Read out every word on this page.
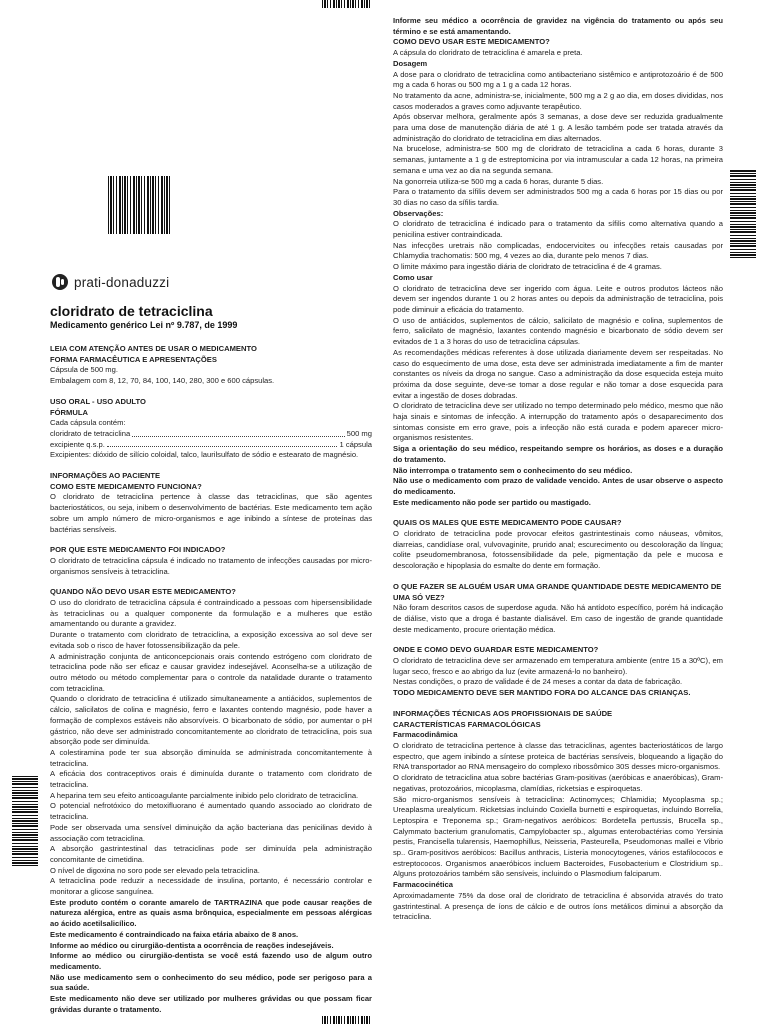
prati-donaduzzi
cloridrato de tetraciclina
Medicamento genérico Lei nº 9.787, de 1999

LEIA COM ATENÇÃO ANTES DE USAR O MEDICAMENTO

FORMA FARMACÊUTICA E APRESENTAÇÕES

Cápsula de 500 mg.

Embalagem com 8, 12, 70, 84, 100, 140, 280, 300 e 600 cápsulas.

USO ORAL - USO ADULTO

FÓRMULA

Cada cápsula contém:

cloridrato de tetraciclina	500 mg
excipiente q.s.p.	1 cápsula

Excipientes: dióxido de silício coloidal, talco, laurilsulfato de sódio e estearato de magnésio.

INFORMAÇÕES AO PACIENTE

COMO ESTE MEDICAMENTO FUNCIONA?

O cloridrato de tetraciclina pertence à classe das tetraciclinas, que são agentes bacteriostáticos, ou seja, inibem o desenvolvimento de bactérias. Este medicamento tem ação sobre um amplo número de micro-organismos e age inibindo a síntese de proteínas das bactérias sensíveis.

POR QUE ESTE MEDICAMENTO FOI INDICADO?

O cloridrato de tetraciclina cápsula é indicado no tratamento de infecções causadas por micro-organismos sensíveis à tetraciclina.

QUANDO NÃO DEVO USAR ESTE MEDICAMENTO?

O uso do cloridrato de tetraciclina cápsula é contraindicado a pessoas com hipersensibilidade às tetraciclinas ou a qualquer componente da formulação e a mulheres que estão amamentando ou durante a gravidez.

Durante o tratamento com cloridrato de tetraciclina, a exposição excessiva ao sol deve ser evitada sob o risco de haver fotossensibilização da pele.

A administração conjunta de anticoncepcionais orais contendo estrógeno com cloridrato de tetraciclina pode não ser eficaz e causar gravidez indesejável. Aconselha-se a utilização de outro método ou método complementar para o controle da natalidade durante o tratamento com tetraciclina.

Quando o cloridrato de tetraciclina é utilizado simultaneamente a antiácidos, suplementos de cálcio, salicilatos de colina e magnésio, ferro e laxantes contendo magnésio, pode haver a formação de complexos estáveis não absorvíveis. O bicarbonato de sódio, por aumentar o pH gástrico, não deve ser administrado concomitantemente ao cloridrato de tetraciclina, pois sua absorção pode ser diminuída.

A colestiramina pode ter sua absorção diminuída se administrada concomitantemente à tetraciclina.

A eficácia dos contraceptivos orais é diminuída durante o tratamento com cloridrato de tetraciclina.

A heparina tem seu efeito anticoagulante parcialmente inibido pelo cloridrato de tetraciclina.

O potencial nefrotóxico do metoxifluorano é aumentado quando associado ao cloridrato de tetraciclina.

Pode ser observada uma sensível diminuição da ação bacteriana das penicilinas devido à associação com tetraciclina.

A absorção gastrintestinal das tetraciclinas pode ser diminuída pela administração concomitante de cimetidina.

O nível de digoxina no soro pode ser elevado pela tetraciclina.

A tetraciclina pode reduzir a necessidade de insulina, portanto, é necessário controlar e monitorar a glicose sanguínea.

Este produto contém o corante amarelo de TARTRAZINA que pode causar reações de natureza alérgica, entre as quais asma brônquica, especialmente em pessoas alérgicas ao ácido acetilsalicílico.

Este medicamento é contraindicado na faixa etária abaixo de 8 anos.

Informe ao médico ou cirurgião-dentista a ocorrência de reações indesejáveis.

Informe ao médico ou cirurgião-dentista se você está fazendo uso de algum outro medicamento.

Não use medicamento sem o conhecimento do seu médico, pode ser perigoso para a sua saúde.

Este medicamento não deve ser utilizado por mulheres grávidas ou que possam ficar grávidas durante o tratamento.

Informe seu médico a ocorrência de gravidez na vigência do tratamento ou após seu término e se está amamentando.

COMO DEVO USAR ESTE MEDICAMENTO?

A cápsula do cloridrato de tetraciclina é amarela e preta.

Dosagem

A dose para o cloridrato de tetraciclina como antibacteriano sistêmico e antiprotozoário é de 500 mg a cada 6 horas ou 500 mg a 1 g a cada 12 horas.

No tratamento da acne, administra-se, inicialmente, 500 mg a 2 g ao dia, em doses divididas, nos casos moderados a graves como adjuvante terapêutico.

Após observar melhora, geralmente após 3 semanas, a dose deve ser reduzida gradualmente para uma dose de manutenção diária de até 1 g. A lesão também pode ser tratada através da administração do cloridrato de tetraciclina em dias alternados.

Na brucelose, administra-se 500 mg de cloridrato de tetraciclina a cada 6 horas, durante 3 semanas, juntamente a 1 g de estreptomicina por via intramuscular a cada 12 horas, na primeira semana e uma vez ao dia na segunda semana.

Na gonorreia utiliza-se 500 mg a cada 6 horas, durante 5 dias.

Para o tratamento da sífilis devem ser administrados 500 mg a cada 6 horas por 15 dias ou por 30 dias no caso da sífilis tardia.

Observações:

O cloridrato de tetraciclina é indicado para o tratamento da sífilis como alternativa quando a penicilina estiver contraindicada.

Nas infecções uretrais não complicadas, endocervicites ou infecções retais causadas por Chlamydia trachomatis: 500 mg, 4 vezes ao dia, durante pelo menos 7 dias.

O limite máximo para ingestão diária de cloridrato de tetraciclina é de 4 gramas.

Como usar

O cloridrato de tetraciclina deve ser ingerido com água. Leite e outros produtos lácteos não devem ser ingendos durante 1 ou 2 horas antes ou depois da administração de tetraciclina, pois pode diminuir a eficácia do tratamento.

O uso de antiácidos, suplementos de cálcio, salicilato de magnésio e colina, suplementos de ferro, salicilato de magnésio, laxantes contendo magnésio e bicarbonato de sódio devem ser evitados de 1 a 3 horas do uso de tetraciclina cápsulas.

As recomendações médicas referentes à dose utilizada diariamente devem ser respeitadas. No caso do esquecimento de uma dose, esta deve ser administrada imediatamente a fim de manter constantes os níveis da droga no sangue. Caso a administração da dose esquecida esteja muito próxima da dose seguinte, deve-se tomar a dose regular e não tomar a dose esquecida para evitar a ingestão de doses dobradas.

O cloridrato de tetraciclina deve ser utilizado no tempo determinado pelo médico, mesmo que não haja sinais e sintomas de infecção. A interrupção do tratamento após o desaparecimento dos sintomas consiste em erro grave, pois a infecção não está curada e podem aparecer micro-organismos resistentes.

Siga a orientação do seu médico, respeitando sempre os horários, as doses e a duração do tratamento.

Não interrompa o tratamento sem o conhecimento do seu médico.

Não use o medicamento com prazo de validade vencido. Antes de usar observe o aspecto do medicamento.

Este medicamento não pode ser partido ou mastigado.

QUAIS OS MALES QUE ESTE MEDICAMENTO PODE CAUSAR?

O cloridrato de tetraciclina pode provocar efeitos gastrintestinais como náuseas, vômitos, diarreias, candidíase oral, vulvovaginite, prurido anal; escurecimento ou descoloração da língua; colite pseudomembranosa, fotossensibilidade da pele, pigmentação da pele e mucosa e descoloração e hipoplasia do esmalte do dente em formação.

O QUE FAZER SE ALGUÉM USAR UMA GRANDE QUANTIDADE DESTE MEDICAMENTO DE UMA SÓ VEZ?

Não foram descritos casos de superdose aguda. Não há antídoto específico, porém há indicação de diálise, visto que a droga é bastante dialisável. Em caso de ingestão de grande quantidade deste medicamento, procure orientação médica.

ONDE E COMO DEVO GUARDAR ESTE MEDICAMENTO?

O cloridrato de tetraciclina deve ser armazenado em temperatura ambiente (entre 15 a 30ºC), em lugar seco, fresco e ao abrigo da luz (evite armazená-lo no banheiro).

Nestas condições, o prazo de validade é de 24 meses a contar da data de fabricação.

TODO MEDICAMENTO DEVE SER MANTIDO FORA DO ALCANCE DAS CRIANÇAS.

INFORMAÇÕES TÉCNICAS AOS PROFISSIONAIS DE SAÚDE

CARACTERÍSTICAS FARMACOLÓGICAS

Farmacodinâmica

O cloridrato de tetraciclina pertence à classe das tetraciclinas, agentes bacteriostáticos de largo espectro, que agem inibindo a síntese proteica de bactérias sensíveis, bloqueando a ligação do RNA transportador ao RNA mensageiro do complexo ribossômico 30S desses micro-organismos.

O cloridrato de tetraciclina atua sobre bactérias Gram-positivas (aeróbicas e anaeróbicas), Gram-negativas, protozoários, micoplasma, clamídias, ricketsias e espiroquetas.

São micro-organismos sensíveis à tetraciclina: Actinomyces; Chlamidia; Mycoplasma sp.; Ureaplasma urealyticum. Ricketsias incluindo Coxiella burnetti e espiroquetas, incluindo Borrelia, Leptospira e Treponema sp.; Gram-negativos aeróbicos: Bordetella pertussis, Brucella sp., Calymmato bacterium granulomatis, Campylobacter sp., algumas enterobactérias como Yersinia pestis, Francisella tularensis, Haemophillus, Neisseria, Pasteurella, Pseudomonas mallei e Vibrio sp.. Gram-positivos aeróbicos: Bacillus anthracis, Listeria monocytogenes, vários estafilococos e estreptococos. Organismos anaeróbicos incluem Bacteroides, Fusobacterium e Clostridium sp.. Alguns protozoários também são sensíveis, incluindo o Plasmodium falciparum.

Farmacocinética

Aproximadamente 75% da dose oral de cloridrato de tetraciclina é absorvida através do trato gastrintestinal. A presença de íons de cálcio e de outros íons metálicos diminui a absorção da tetraciclina.
